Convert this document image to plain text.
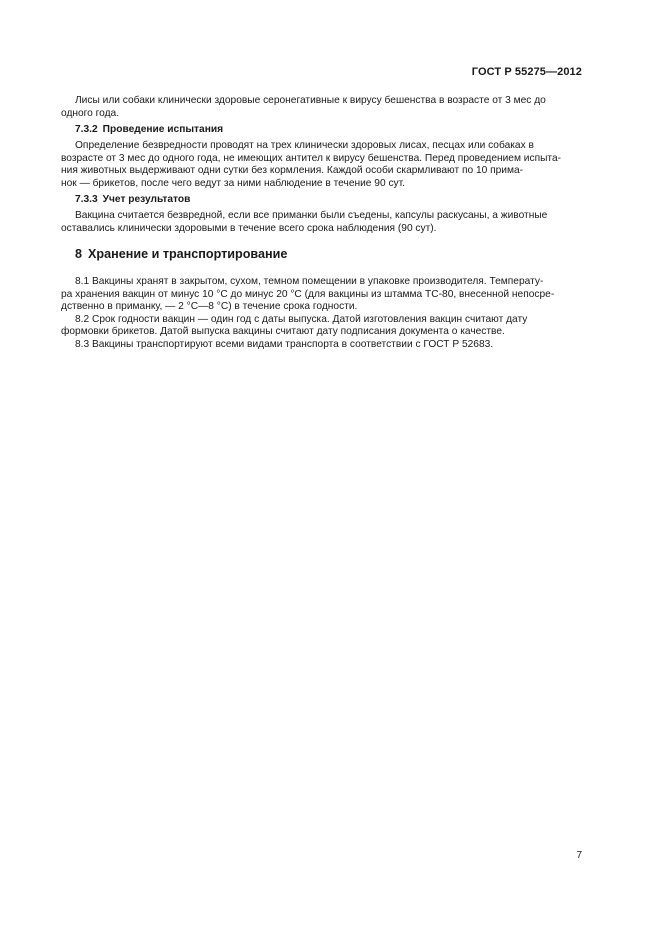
ГОСТ Р 55275—2012

Лисы или собаки клинически здоровые серонегативные к вирусу бешенства в возрасте от 3 мес до

одного года.

7.3.2 Проведение испытания

Определение безвредности проводят на трех клинически здоровых лисах, песцах или собаках в

возрасте от 3 мес до одного года, не имеющих антител к вирусу бешенства. Перед проведением испыта-

ния животных выдерживают одни сутки без кормления. Каждой особи скармливают по 10 прима-

нок — брикетов, после чего ведут за ними наблюдение в течение 90 сут.

7.3.3 Учет результатов

Вакцина считается безвредной, если все приманки были съедены, капсулы раскусаны, а животные

оставались клинически здоровыми в течение всего срока наблюдения (90 сут).

8 Хранение и транспортирование

8.1 Вакцины хранят в закрытом, сухом, темном помещении в упаковке производителя. Температу-

ра хранения вакцин от минус 10 °С до минус 20 °С (для вакцины из штамма ТС-80, внесенной непосре-

дственно в приманку, — 2 °С—8 °С) в течение срока годности.

8.2 Срок годности вакцин — один год с даты выпуска. Датой изготовления вакцин считают дату

формовки брикетов. Датой выпуска вакцины считают дату подписания документа о качестве.

8.3 Вакцины транспортируют всеми видами транспорта в соответствии с ГОСТ Р 52683.

7
